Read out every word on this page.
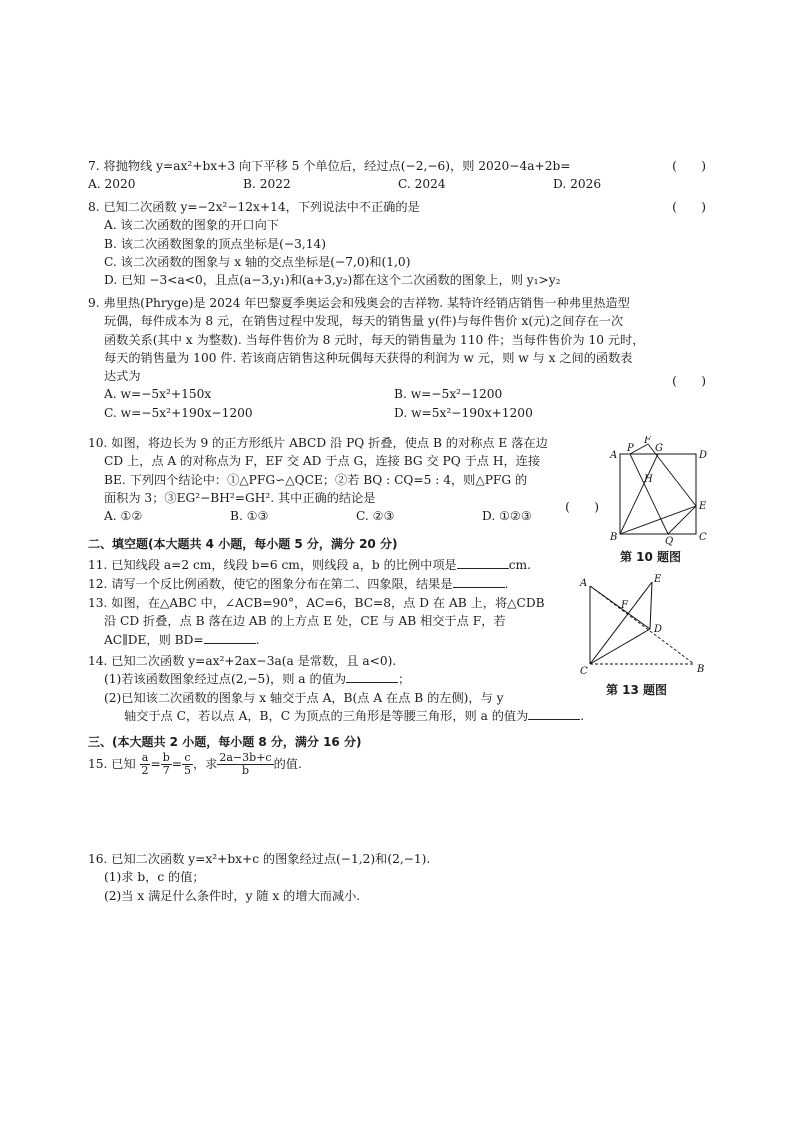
7. 将抛物线 y=ax²+bx+3 向下平移 5 个单位后，经过点(−2,−6)，则 2020−4a+2b=
A. 2020	B. 2022	C. 2024	D. 2026
(　　)
8. 已知二次函数 y=−2x²−12x+14，下列说法中不正确的是
A. 该二次函数的图象的开口向下
B. 该二次函数图象的顶点坐标是(−3,14)
C. 该二次函数的图象与 x 轴的交点坐标是(−7,0)和(1,0)
D. 已知 −3<a<0，且点(a−3,y₁)和(a+3,y₂)都在这个二次函数的图象上，则 y₁>y₂
(　　)
9. 弗里热(Phryge)是 2024 年巴黎夏季奥运会和残奥会的吉祥物. 某特许经销店销售一种弗里热造型
玩偶，每件成本为 8 元，在销售过程中发现，每天的销售量 y(件)与每件售价 x(元)之间存在一次
函数关系(其中 x 为整数). 当每件售价为 8 元时，每天的销售量为 110 件；当每件售价为 10 元时，
每天的销售量为 100 件. 若该商店销售这种玩偶每天获得的利润为 w 元，则 w 与 x 之间的函数表
达式为
A. w=−5x²+150x	B. w=−5x²−1200
C. w=−5x²+190x−1200	D. w=5x²−190x+1200
(　　)
10. 如图，将边长为 9 的正方形纸片 ABCD 沿 PQ 折叠，使点 B 的对称点 E 落在边
CD 上，点 A 的对称点为 F，EF 交 AD 于点 G，连接 BG 交 PQ 于点 H，连接
BE. 下列四个结论中：①△PFG∽△QCE；②若 BQ : CQ=5 : 4，则△PFG 的
面积为 3；③EG²−BH²=GH². 其中正确的结论是
A. ①②	B. ①③	C. ②③	D. ①②③
(　　)
A
P
F
G
D
H
E
B	Q	C
第 10 题图
二、填空题(本大题共 4 小题，每小题 5 分，满分 20 分)
11. 已知线段 a=2 cm，线段 b=6 cm，则线段 a，b 的比例中项是	cm.
12. 请写一个反比例函数，使它的图象分布在第二、四象限，结果是	.
13. 如图，在△ABC 中，∠ACB=90°，AC=6，BC=8，点 D 在 AB 上，将△CDB
沿 CD 折叠，点 B 落在边 AB 的上方点 E 处，CE 与 AB 相交于点 F，若
AC∥DE，则 BD=	.
A	E
F
D
C	B
第 13 题图
14. 已知二次函数 y=ax²+2ax−3a(a 是常数，且 a<0).
(1)若该函数图象经过点(2,−5)，则 a 的值为	；
(2)已知该二次函数的图象与 x 轴交于点 A，B(点 A 在点 B 的左侧)，与 y
轴交于点 C，若以点 A，B，C 为顶点的三角形是等腰三角形，则 a 的值为	.
三、(本大题共 2 小题，每小题 8 分，满分 16 分)
15. 已知 $\frac{a}{2} = \frac{b}{7} = \frac{c}{5}$ ，求 $\frac{2a-3b+c}{b}$ 的值.
16. 已知二次函数 y=x²+bx+c 的图象经过点(−1,2)和(2,−1).
(1)求 b，c 的值；
(2)当 x 满足什么条件时，y 随 x 的增大而减小.
